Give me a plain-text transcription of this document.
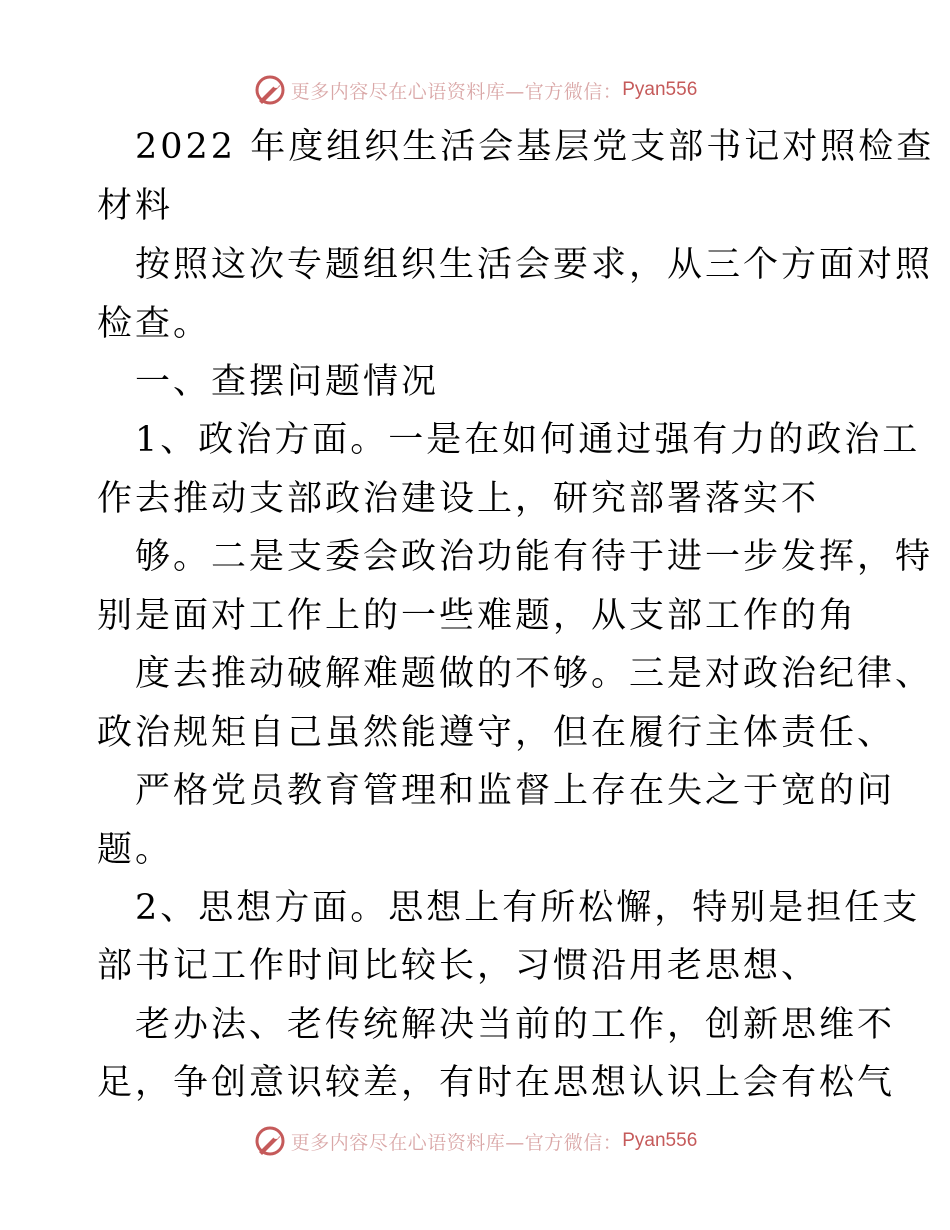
更多内容尽在心语资料库—官方微信： Pyan556
2022 年度组织生活会基层党支部书记对照检查
材料
按照这次专题组织生活会要求，从三个方面对照
检查。
一、查摆问题情况
1、政治方面。一是在如何通过强有力的政治工
作去推动支部政治建设上，研究部署落实不
够。二是支委会政治功能有待于进一步发挥，特
别是面对工作上的一些难题，从支部工作的角
度去推动破解难题做的不够。三是对政治纪律、
政治规矩自己虽然能遵守，但在履行主体责任、
严格党员教育管理和监督上存在失之于宽的问
题。
2、思想方面。思想上有所松懈，特别是担任支
部书记工作时间比较长，习惯沿用老思想、
老办法、老传统解决当前的工作，创新思维不
足，争创意识较差，有时在思想认识上会有松气
更多内容尽在心语资料库—官方微信： Pyan556
